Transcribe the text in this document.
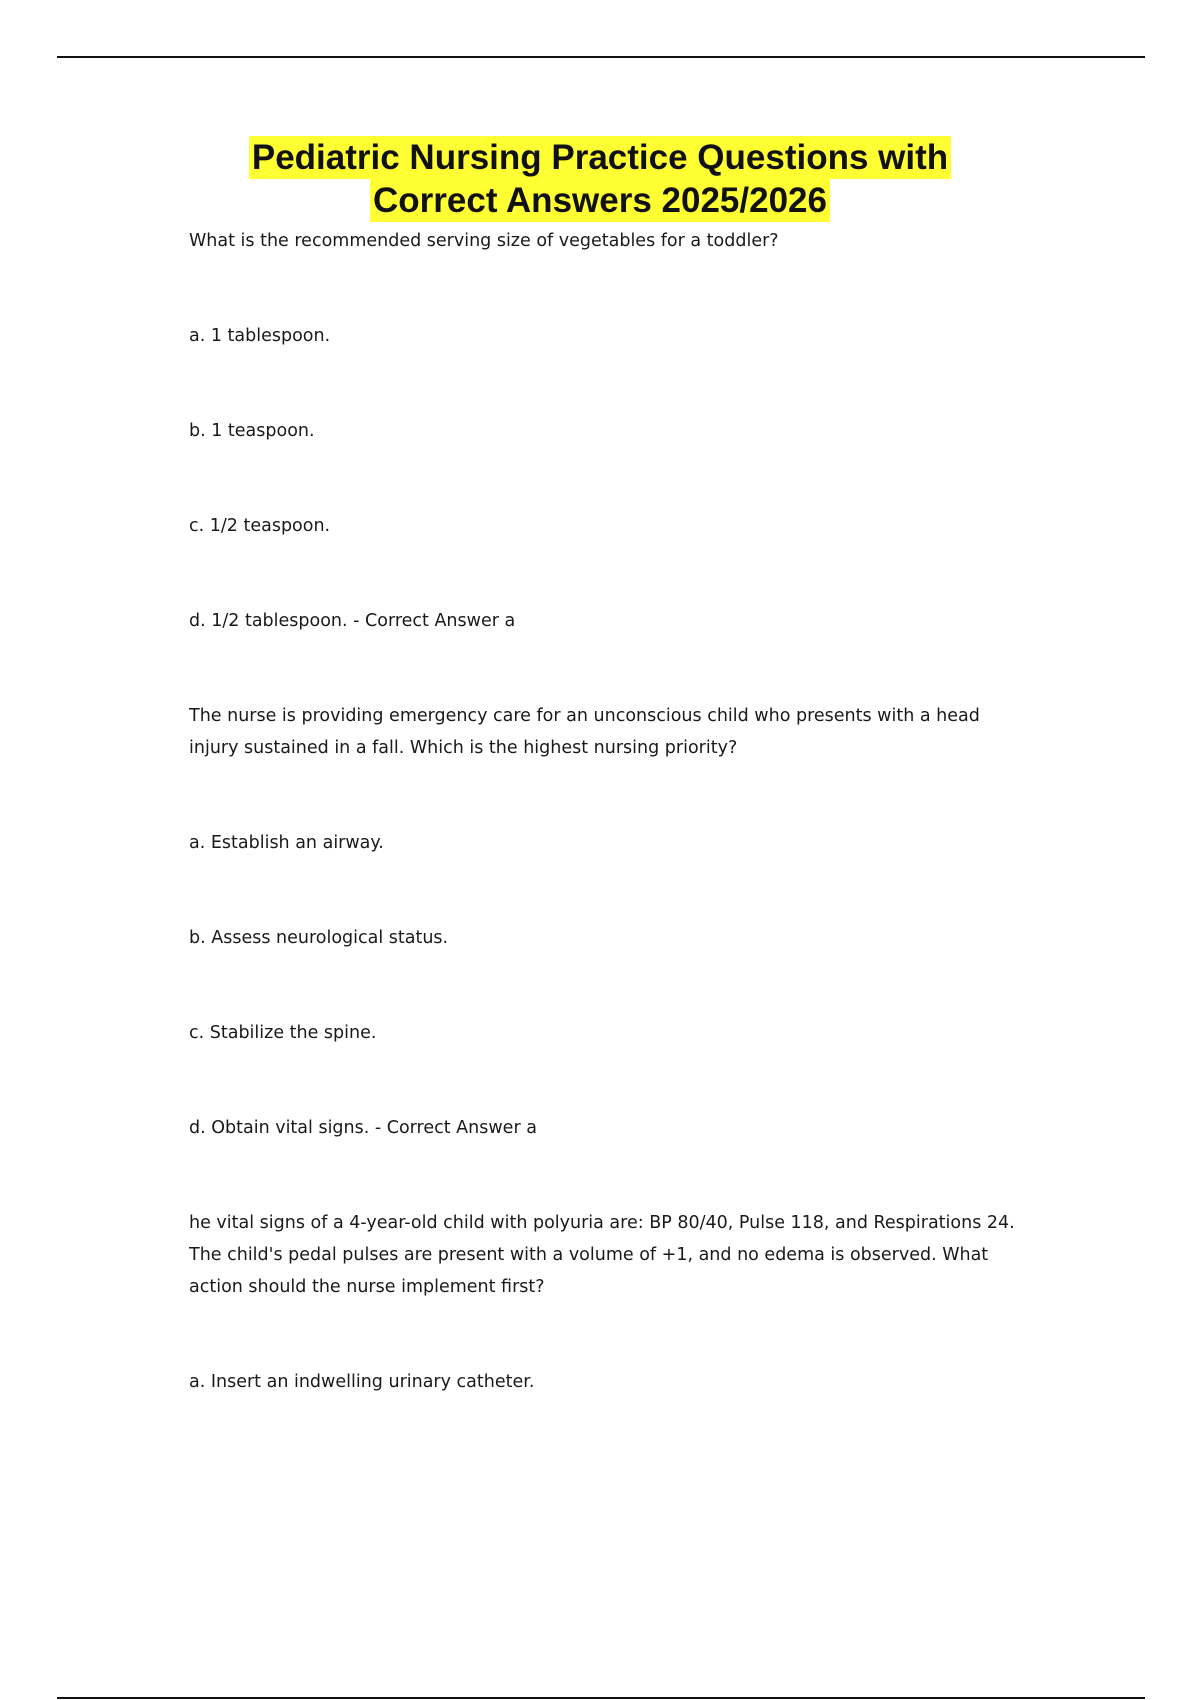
Pediatric Nursing Practice Questions with
Correct Answers 2025/2026

What is the recommended serving size of vegetables for a toddler?

a. 1 tablespoon.

b. 1 teaspoon.

c. 1/2 teaspoon.

d. 1/2 tablespoon. - Correct Answer a

The nurse is providing emergency care for an unconscious child who presents with a head injury sustained in a fall. Which is the highest nursing priority?

a. Establish an airway.

b. Assess neurological status.

c. Stabilize the spine.

d. Obtain vital signs. - Correct Answer a

he vital signs of a 4-year-old child with polyuria are: BP 80/40, Pulse 118, and Respirations 24. The child's pedal pulses are present with a volume of +1, and no edema is observed. What action should the nurse implement first?

a. Insert an indwelling urinary catheter.
